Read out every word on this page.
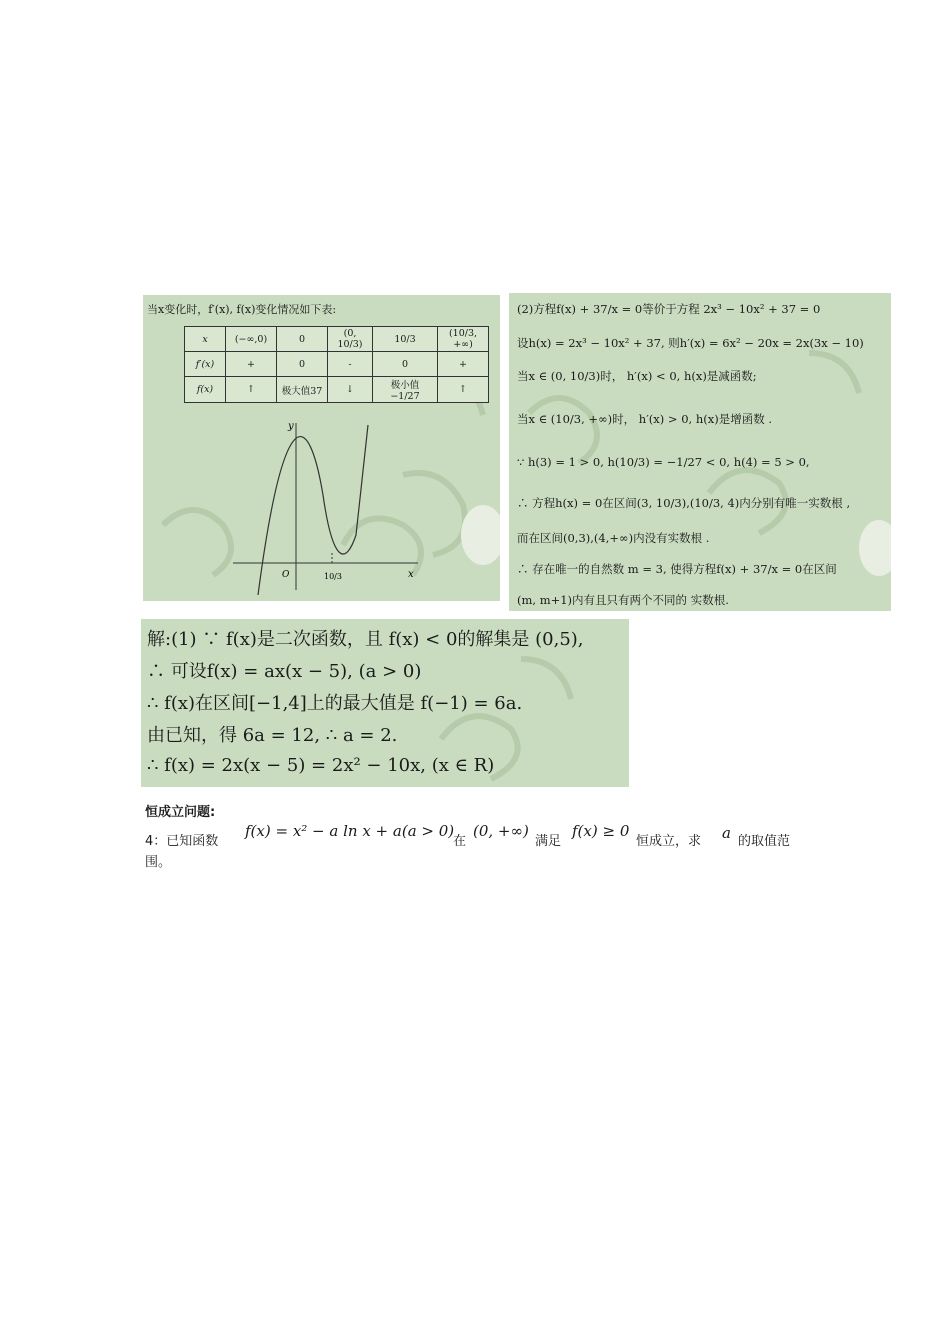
当x变化时，f′(x), f(x)变化情况如下表:
x	(−∞,0)	0	(0, 10/3)	10/3	(10/3, +∞)
f′(x)	+	0	-	0	+
f(x)	↑	极大值37	↓	极小值 −1/27	↑
y
x
O	10/3
(2)方程f(x) + 37/x = 0等价于方程 2x³ − 10x² + 37 = 0
设h(x) = 2x³ − 10x² + 37, 则h′(x) = 6x² − 20x = 2x(3x − 10)
当x ∈ (0, 10/3)时， h′(x) < 0, h(x)是减函数;
当x ∈ (10/3, +∞)时， h′(x) > 0, h(x)是增函数 .
∵ h(3) = 1 > 0, h(10/3) = −1/27 < 0, h(4) = 5 > 0,
∴ 方程h(x) = 0在区间(3, 10/3),(10/3, 4)内分别有唯一实数根 ,
而在区间(0,3),(4,+∞)内没有实数根 .
∴ 存在唯一的自然数 m = 3, 使得方程f(x) + 37/x = 0在区间
(m, m+1)内有且只有两个不同的 实数根.
解:(1) ∵ f(x)是二次函数，且 f(x) < 0的解集是 (0,5),
∴ 可设f(x) = ax(x − 5), (a > 0)
∴ f(x)在区间[−1,4]上的最大值是 f(−1) = 6a.
由已知，得 6a = 12, ∴ a = 2.
∴ f(x) = 2x(x − 5) = 2x² − 10x, (x ∈ R)
恒成立问题:
4：已知函数
f(x) = x² − a ln x + a(a > 0)
在
(0, +∞)
满足
f(x) ≥ 0
恒成立，求 a 的取值范
围。
